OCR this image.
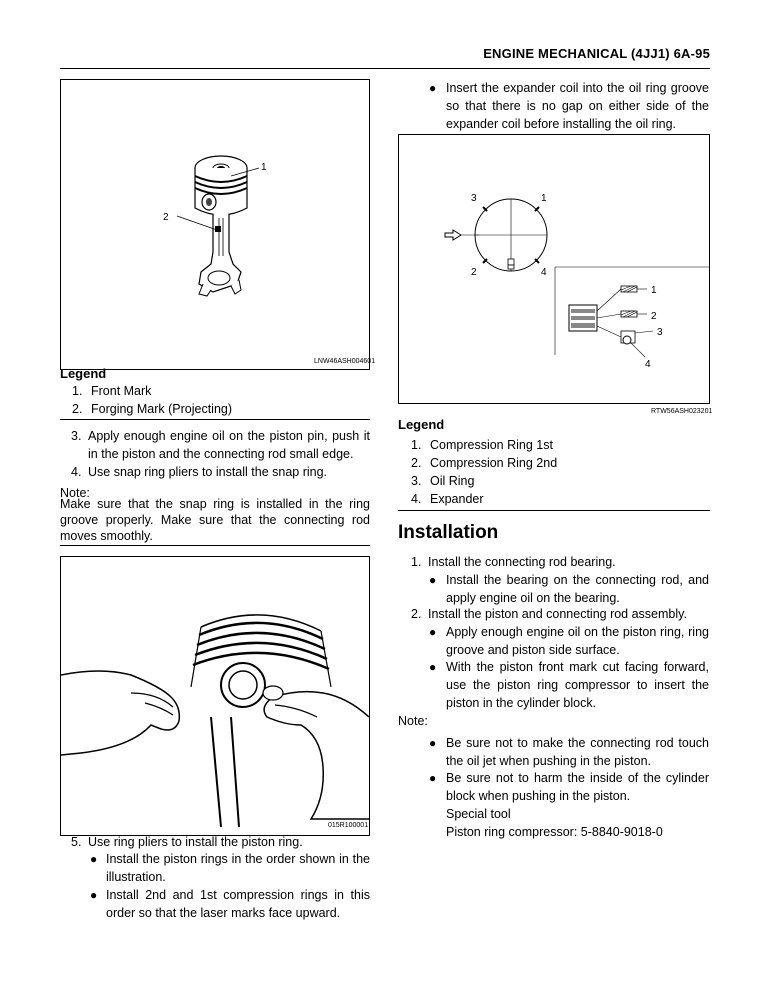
ENGINE MECHANICAL (4JJ1) 6A-95
1
2
LNW46ASH004601
Legend
1. Front Mark
2. Forging Mark (Projecting)
3. Apply enough engine oil on the piston pin, push it in the piston and the connecting rod small edge.
4. Use snap ring pliers to install the snap ring.
Note:
Make sure that the snap ring is installed in the ring groove properly. Make sure that the connecting rod moves smoothly.
015R100001
5. Use ring pliers to install the piston ring.
● Install the piston rings in the order shown in the illustration.
● Install 2nd and 1st compression rings in this order so that the laser marks face upward.
● Insert the expander coil into the oil ring groove so that there is no gap on either side of the expander coil before installing the oil ring.
3	1
2	4
1
2
3
4
RTW56ASH023201
Legend
1. Compression Ring 1st
2. Compression Ring 2nd
3. Oil Ring
4. Expander
Installation
1. Install the connecting rod bearing.
● Install the bearing on the connecting rod, and apply engine oil on the bearing.
2. Install the piston and connecting rod assembly.
● Apply enough engine oil on the piston ring, ring groove and piston side surface.
● With the piston front mark cut facing forward, use the piston ring compressor to insert the piston in the cylinder block.
Note:
● Be sure not to make the connecting rod touch the oil jet when pushing in the piston.
● Be sure not to harm the inside of the cylinder block when pushing in the piston.
Special tool
Piston ring compressor: 5-8840-9018-0
